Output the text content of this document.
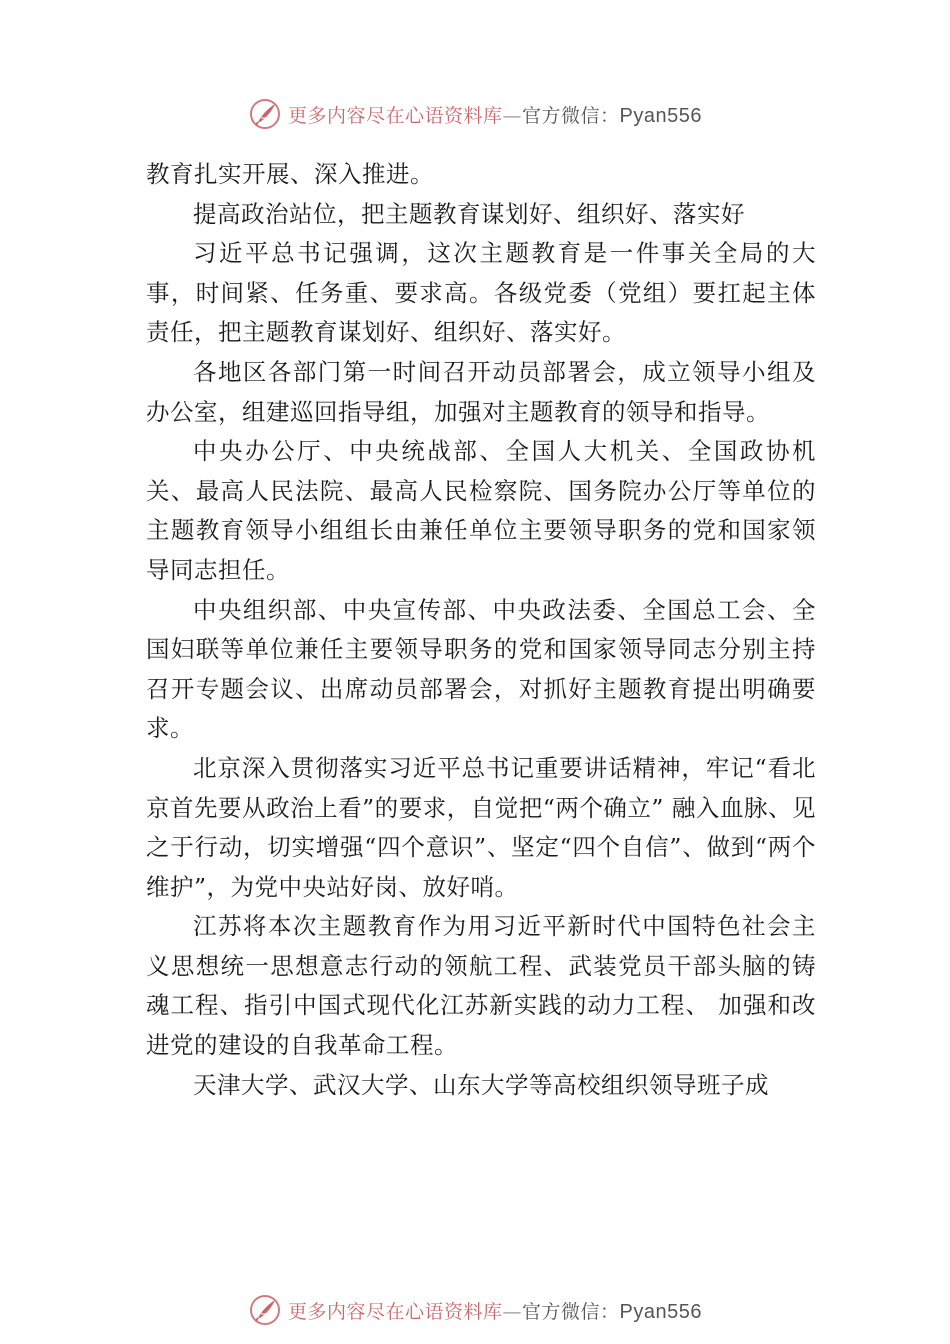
更多内容尽在心语资料库—官方微信：Pyan556

教育扎实开展、深入推进。

提高政治站位，把主题教育谋划好、组织好、落实好

习近平总书记强调，这次主题教育是一件事关全局的大事，时间紧、任务重、要求高。各级党委（党组）要扛起主体责任，把主题教育谋划好、组织好、落实好。

各地区各部门第一时间召开动员部署会，成立领导小组及办公室，组建巡回指导组，加强对主题教育的领导和指导。

中央办公厅、中央统战部、全国人大机关、全国政协机关、最高人民法院、最高人民检察院、国务院办公厅等单位的主题教育领导小组组长由兼任单位主要领导职务的党和国家领导同志担任。

中央组织部、中央宣传部、中央政法委、全国总工会、全国妇联等单位兼任主要领导职务的党和国家领导同志分别主持召开专题会议、出席动员部署会，对抓好主题教育提出明确要求。

北京深入贯彻落实习近平总书记重要讲话精神，牢记“看北京首先要从政治上看”的要求，自觉把“两个确立” 融入血脉、见之于行动，切实增强“四个意识”、坚定“四个自信”、做到“两个维护”，为党中央站好岗、放好哨。

江苏将本次主题教育作为用习近平新时代中国特色社会主义思想统一思想意志行动的领航工程、武装党员干部头脑的铸魂工程、指引中国式现代化江苏新实践的动力工程、 加强和改进党的建设的自我革命工程。

天津大学、武汉大学、山东大学等高校组织领导班子成

更多内容尽在心语资料库—官方微信：Pyan556
